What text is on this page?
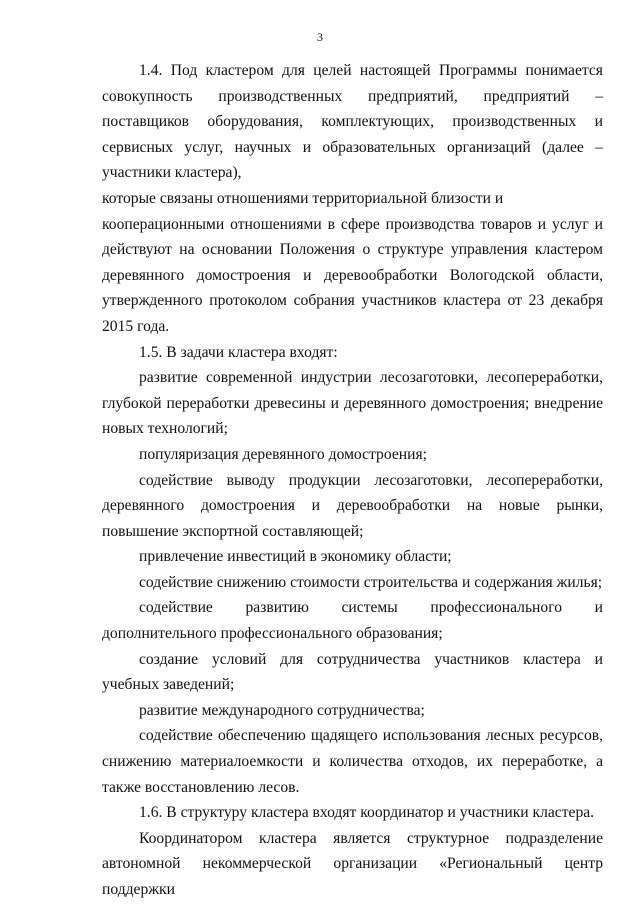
3

1.4. Под кластером для целей настоящей Программы понимается совокупность производственных предприятий, предприятий – поставщиков оборудования, комплектующих, производственных и сервисных услуг, научных и образовательных организаций (далее – участники кластера),
которые связаны отношениями территориальной близости и
кооперационными отношениями в сфере производства товаров и услуг и действуют на основании Положения о структуре управления кластером деревянного домостроения и деревообработки Вологодской области, утвержденного протоколом собрания участников кластера от 23 декабря 2015 года.

1.5. В задачи кластера входят:

развитие современной индустрии лесозаготовки, лесопереработки, глубокой переработки древесины и деревянного домостроения; внедрение новых технологий;

популяризация деревянного домостроения;

содействие выводу продукции лесозаготовки, лесопереработки, деревянного домостроения и деревообработки на новые рынки, повышение экспортной составляющей;

привлечение инвестиций в экономику области;

содействие снижению стоимости строительства и содержания жилья;

содействие развитию системы профессионального и дополнительного профессионального образования;

создание условий для сотрудничества участников кластера и учебных заведений;

развитие международного сотрудничества;

содействие обеспечению щадящего использования лесных ресурсов, снижению материалоемкости и количества отходов, их переработке, а также восстановлению лесов.

1.6. В структуру кластера входят координатор и участники кластера.

Координатором кластера является структурное подразделение автономной некоммерческой организации «Региональный центр поддержки
